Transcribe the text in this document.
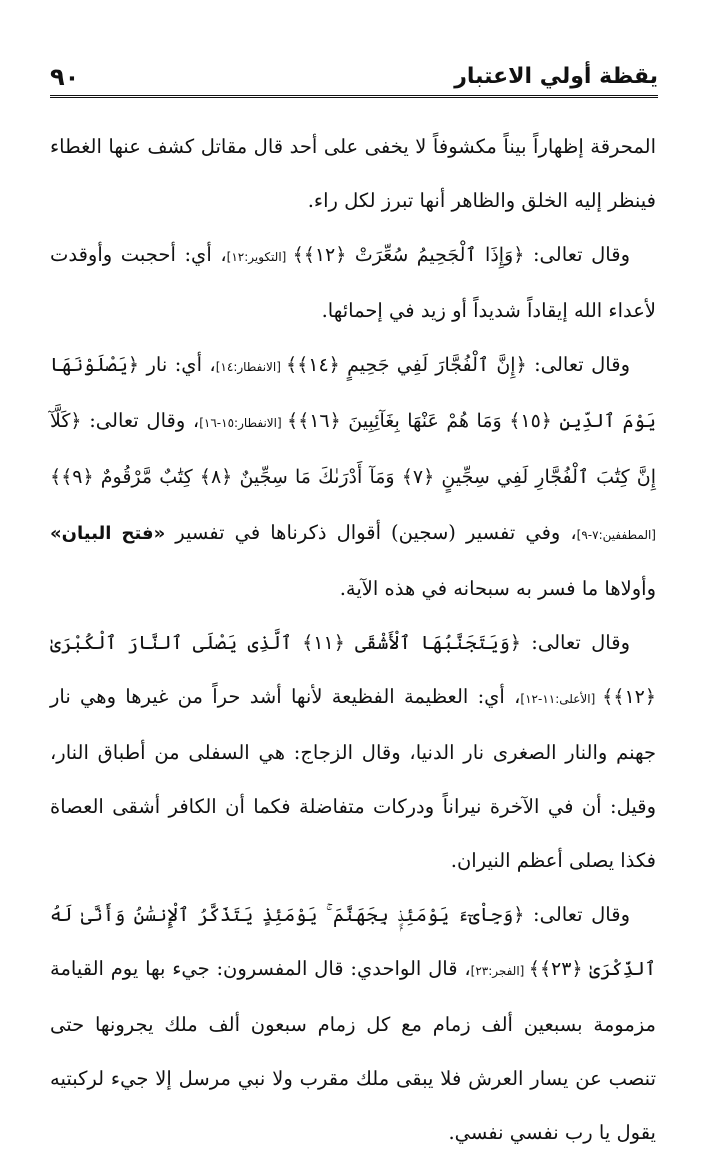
يقظة أولي الاعتبار
٩٠

المحرقة إظهاراً بيناً مكشوفاً لا يخفى على أحد قال مقاتل كشف عنها الغطاء فينظر إليه الخلق والظاهر أنها تبرز لكل راء.

وقال تعالى: ﴿وَإِذَا ٱلْجَحِيمُ سُعِّرَتْ ﴿١٢﴾﴾ [التكوير:١٢]، أي: أحجبت وأوقدت لأعداء الله إيقاداً شديداً أو زيد في إحمائها.

وقال تعالى: ﴿إِنَّ ٱلْفُجَّارَ لَفِي جَحِيمٍ ﴿١٤﴾﴾ [الانفطار:١٤]، أي: نار ﴿يَصْلَوْنَهَا يَوْمَ ٱلدِّينِ ﴿١٥﴾ وَمَا هُمْ عَنْهَا بِغَآئِبِينَ ﴿١٦﴾﴾ [الانفطار:١٥-١٦]، وقال تعالى: ﴿كَلَّآ إِنَّ كِتَٰبَ ٱلْفُجَّارِ لَفِي سِجِّينٍ ﴿٧﴾ وَمَآ أَدْرَىٰكَ مَا سِجِّينٌ ﴿٨﴾ كِتَٰبٌ مَّرْقُومٌ ﴿٩﴾﴾ [المطففين:٧-٩]، وفي تفسير (سجين) أقوال ذكرناها في تفسير «فتح البيان» وأولاها ما فسر به سبحانه في هذه الآية.

وقال تعالى: ﴿وَيَتَجَنَّبُهَا ٱلْأَشْقَى ﴿١١﴾ ٱلَّذِى يَصْلَى ٱلنَّارَ ٱلْكُبْرَىٰ ﴿١٢﴾﴾ [الأعلى:١١-١٢]، أي: العظيمة الفظيعة لأنها أشد حراً من غيرها وهي نار جهنم والنار الصغرى نار الدنيا، وقال الزجاج: هي السفلى من أطباق النار، وقيل: أن في الآخرة نيراناً ودركات متفاضلة فكما أن الكافر أشقى العصاة فكذا يصلى أعظم النيران.

وقال تعالى: ﴿وَجِاْىٓءَ يَوْمَئِذٍۭ بِجَهَنَّمَ ۚ يَوْمَئِذٍ يَتَذَكَّرُ ٱلْإِنسَٰنُ وَأَنَّىٰ لَهُ ٱلذِّكْرَىٰ ﴿٢٣﴾﴾ [الفجر:٢٣]، قال الواحدي: قال المفسرون: جيء بها يوم القيامة مزمومة بسبعين ألف زمام مع كل زمام سبعون ألف ملك يجرونها حتى تنصب عن يسار العرش فلا يبقى ملك مقرب ولا نبي مرسل إلا جيء لركبتيه يقول يا رب نفسي نفسي.
